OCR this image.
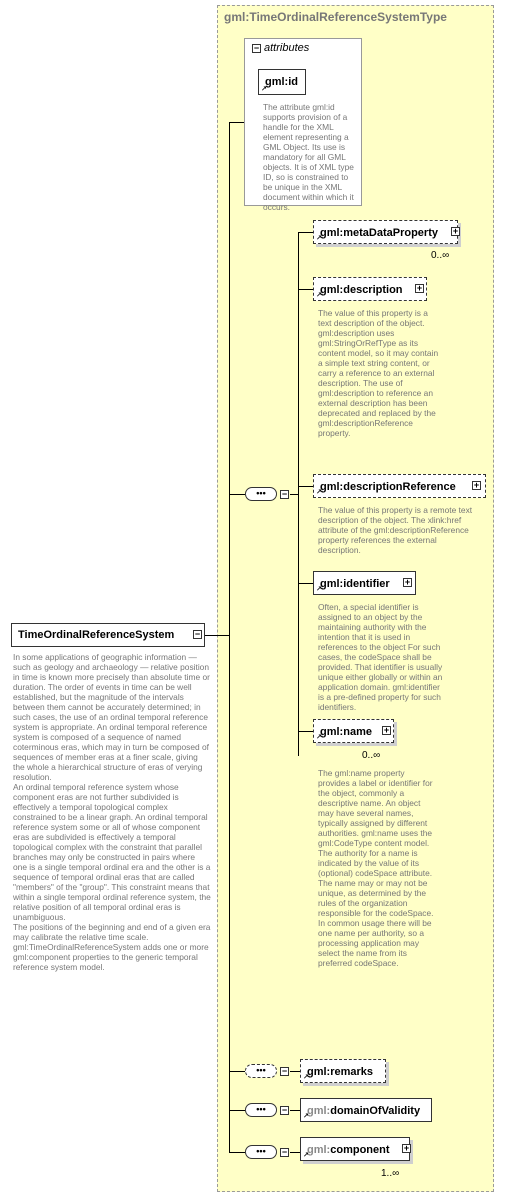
gml:TimeOrdinalReferenceSystemType
TimeOrdinalReferenceSystem	−
In some applications of geographic information — such as geology and archaeology — relative position in time is known more precisely than absolute time or duration. The order of events in time can be well established, but the magnitude of the intervals between them cannot be accurately determined; in such cases, the use of an ordinal temporal reference system is appropriate. An ordinal temporal reference system is composed of a sequence of named coterminous eras, which may in turn be composed of sequences of member eras at a finer scale, giving the whole a hierarchical structure of eras of verying resolution.
An ordinal temporal reference system whose component eras are not further subdivided is effectively a temporal topological complex constrained to be a linear graph. An ordinal temporal reference system some or all of whose component eras are subdivided is effectively a temporal topological complex with the constraint that parallel branches may only be constructed in pairs where one is a single temporal ordinal era and the other is a sequence of temporal ordinal eras that are called "members" of the "group". This constraint means that within a single temporal ordinal reference system, the relative position of all temporal ordinal eras is unambiguous.
The positions of the beginning and end of a given era may calibrate the relative time scale.
gml:TimeOrdinalReferenceSystem adds one or more gml:component properties to the generic temporal reference system model.
− attributes
gml:id
↗
The attribute gml:id supports provision of a handle for the XML element representing a GML Object. Its use is mandatory for all GML objects. It is of XML type ID, so is constrained to be unique in the XML document within which it occurs.
•••	−
gml:metaDataProperty
↗
+
0..∞
gml:description
↗
+
The value of this property is a text description of the object. gml:description uses gml:StringOrRefType as its content model, so it may contain a simple text string content, or carry a reference to an external description. The use of gml:description to reference an external description has been deprecated and replaced by the gml:descriptionReference property.
gml:descriptionReference
↗
+
The value of this property is a remote text description of the object. The xlink:href attribute of the gml:descriptionReference property references the external description.
gml:identifier
↗
+
Often, a special identifier is assigned to an object by the maintaining authority with the intention that it is used in references to the object For such cases, the codeSpace shall be provided. That identifier is usually unique either globally or within an application domain. gml:identifier is a pre-defined property for such identifiers.
gml:name
↗
+
0..∞
The gml:name property provides a label or identifier for the object, commonly a descriptive name. An object may have several names, typically assigned by different authorities. gml:name uses the gml:CodeType content model. The authority for a name is indicated by the value of its (optional) codeSpace attribute. The name may or may not be unique, as determined by the rules of the organization responsible for the codeSpace. In common usage there will be one name per authority, so a processing application may select the name from its preferred codeSpace.
•••	−	gml:remarks
↗
•••	−	gml:domainOfValidity
↗
•••	−	gml:component
↗
+
1..∞
